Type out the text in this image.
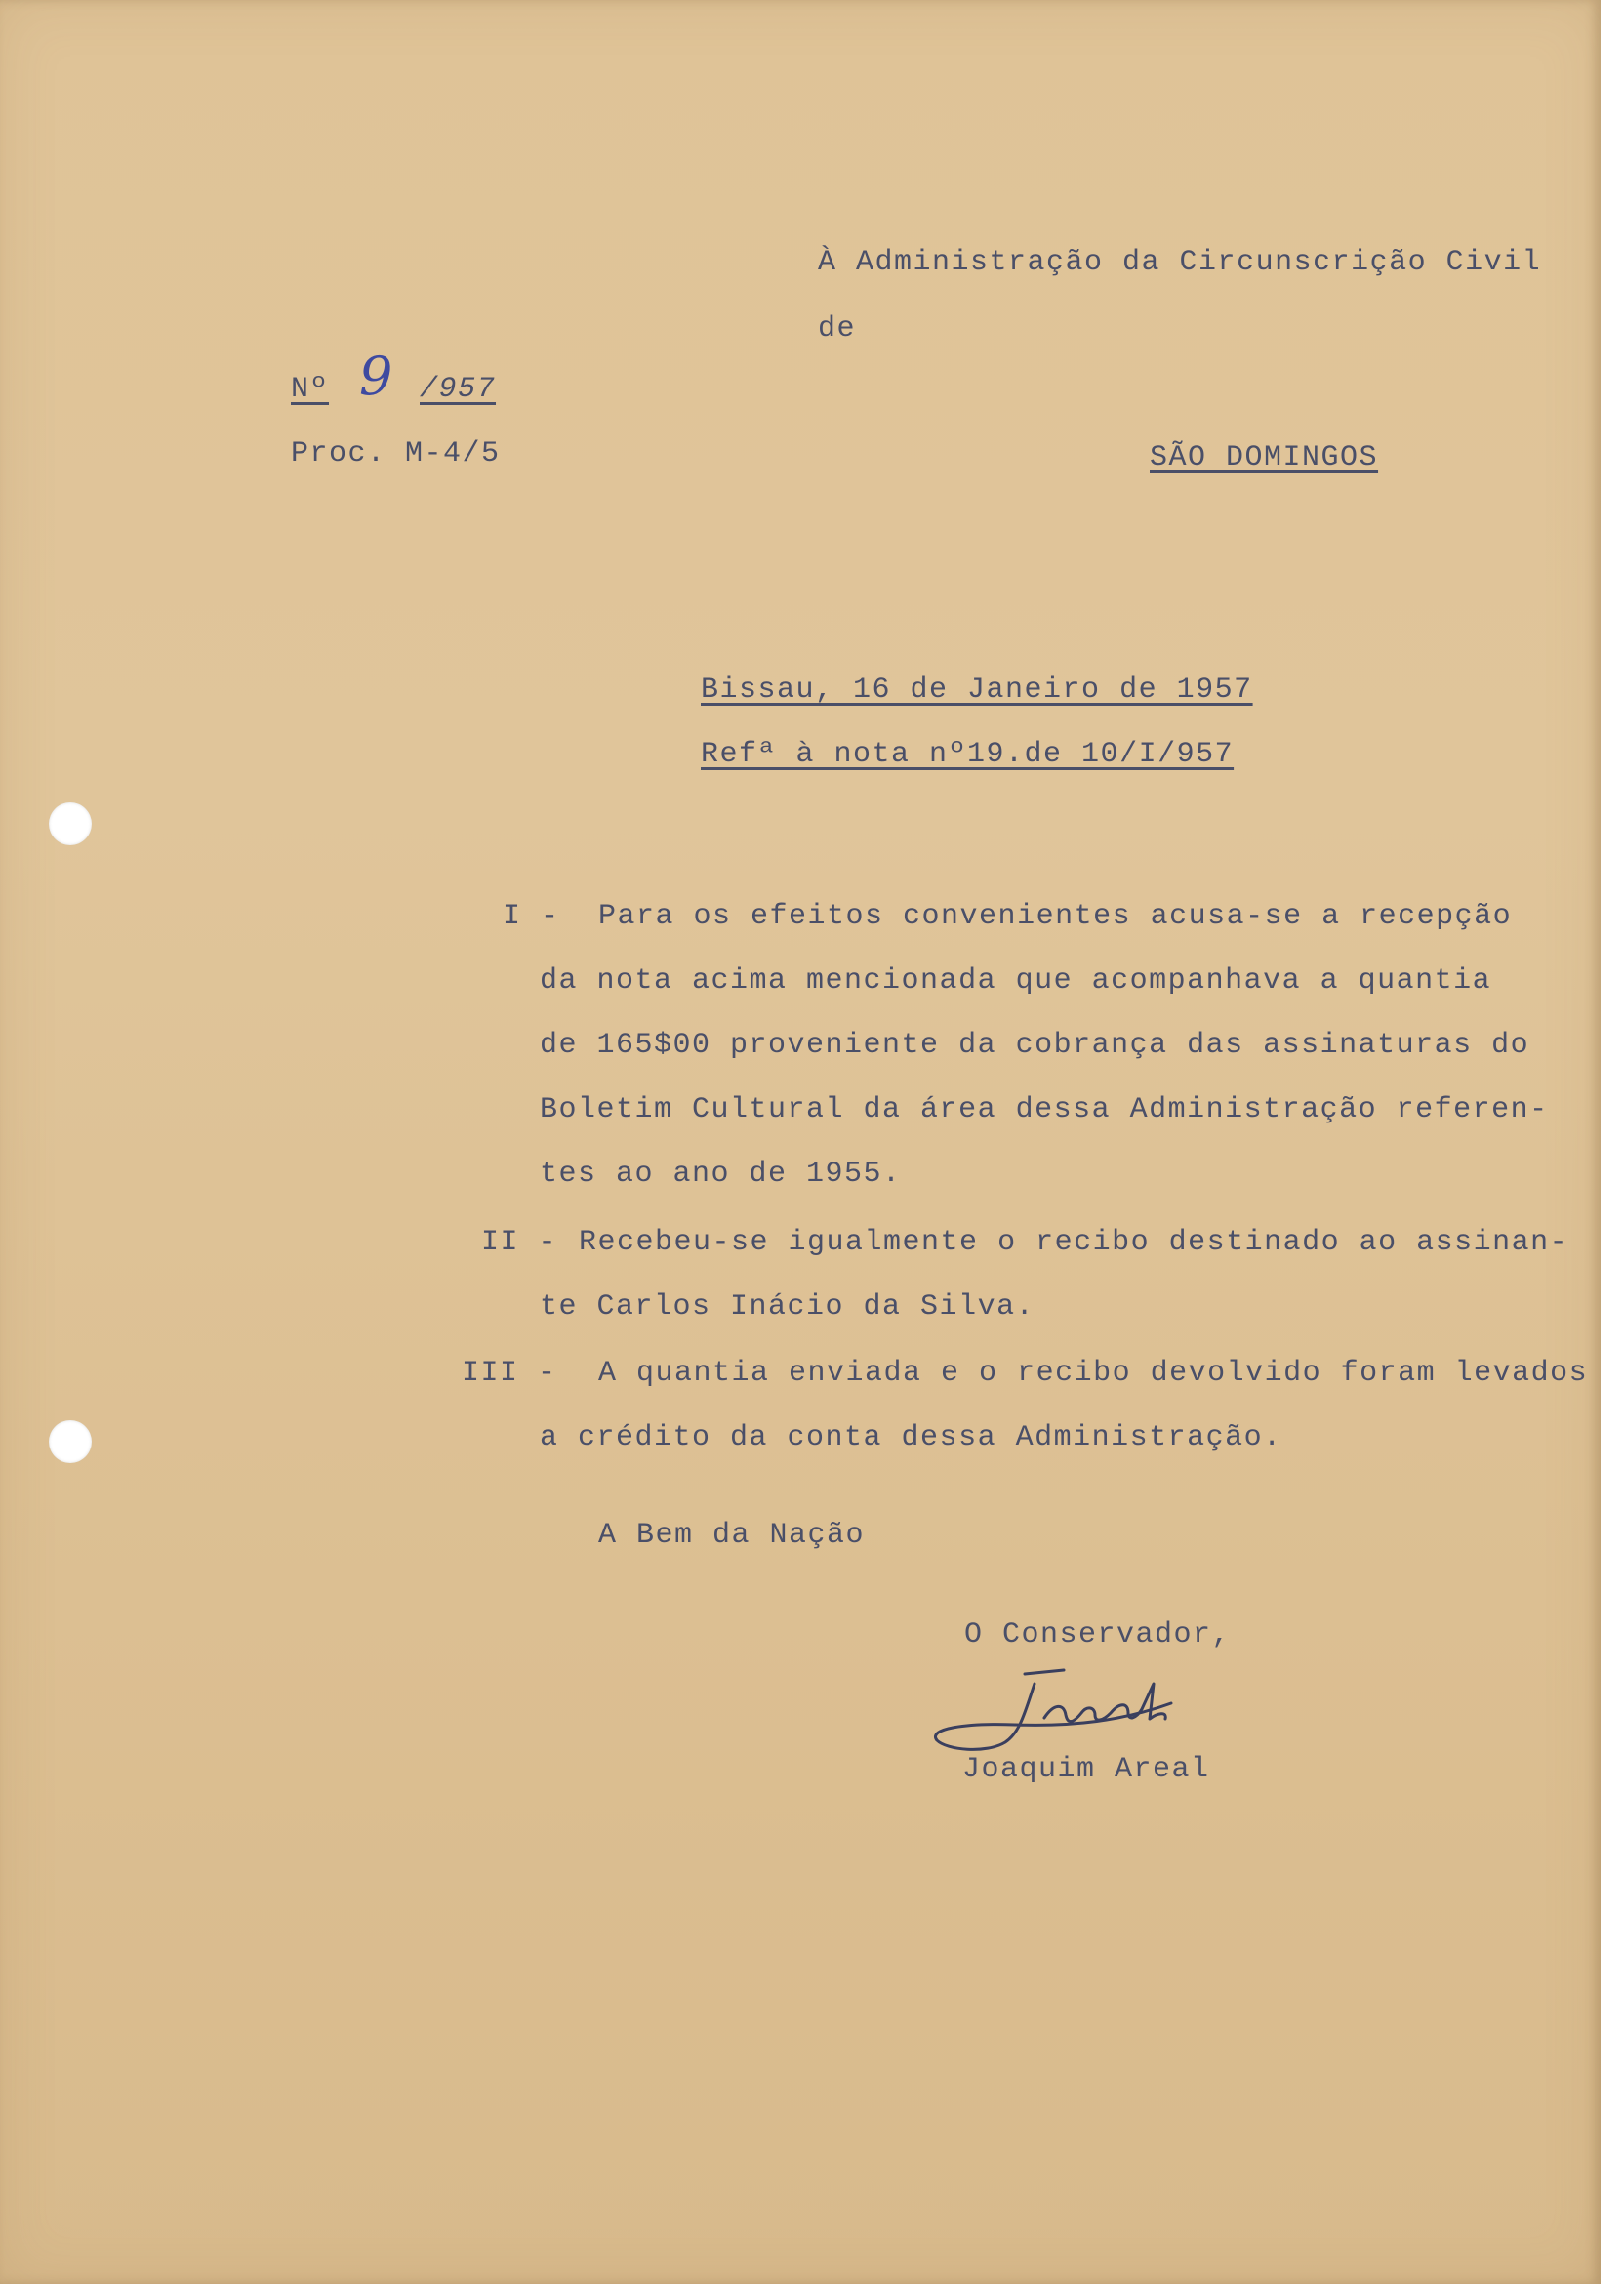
À Administração da Circunscrição Civil
de
SÃO DOMINGOS
Nº 9 /957
Proc. M-4/5
Bissau, 16 de Janeiro de 1957
Refª à nota nº19.de 10/I/957
I - Para os efeitos convenientes acusa-se a recepção
da nota acima mencionada que acompanhava a quantia
de 165$00 proveniente da cobrança das assinaturas do
Boletim Cultural da área dessa Administração referen-
tes ao ano de 1955.
II - Recebeu-se igualmente o recibo destinado ao assinan-
te Carlos Inácio da Silva.
III - A quantia enviada e o recibo devolvido foram levados
a crédito da conta dessa Administração.
A Bem da Nação
O Conservador,
Joaquim Areal
